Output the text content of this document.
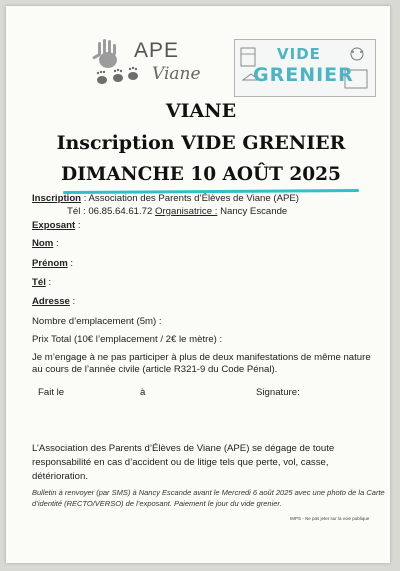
APE
Viane
VIDE
GRENIER
VIANE
Inscription VIDE GRENIER
DIMANCHE 10 AOÛT 2025
Inscription : Association des Parents d’Élèves de Viane (APE)
Tél : 06.85.64.61.72 Organisatrice : Nancy Escande
Exposant :
Nom :
Prénom :
Tél :
Adresse :
Nombre d’emplacement (5m) :
Prix Total (10€ l’emplacement / 2€ le mètre) :
Je m’engage à ne pas participer à plus de deux manifestations de même nature
au cours de l’année civile (article R321-9 du Code Pénal).
Fait le	à	Signature:
L’Association des Parents d’Élèves de Viane (APE) se dégage de toute
responsabilité en cas d’accident ou de litige tels que perte, vol, casse,
détérioration.
Bulletin à renvoyer (par SMS) à Nancy Escande avant le Mercredi 6 août 2025 avec une photo de la Carte
d’identité (RECTO/VERSO) de l’exposant. Paiement le jour du vide grenier.
IMPS - Ne pas jeter sur la voie publique
